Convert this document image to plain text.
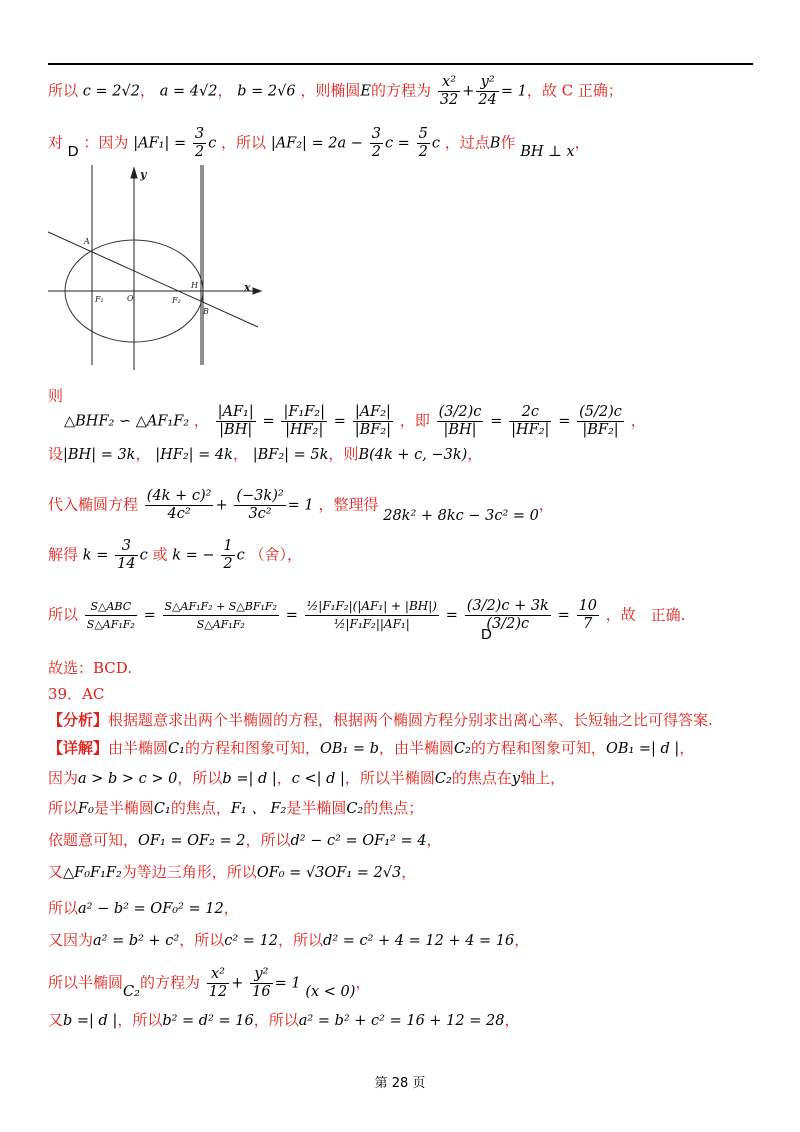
所以 c = 2√2， a = 4√2， b = 2√6 ，则椭圆E的方程为 $\frac{\text{x²}}{32} + \frac{\text{y²}}{24} = 1$，故 C 正确；
对 D ：因为 $|AF_1| = \frac{3}{2}$ c ，所以 $|AF_2| = 2a - \frac{3}{2}$ $c = \frac{5}{2}$ c ，过点B作 BH ⊥ x，
A
F₁	O	F₂
H
B
x
y
则
△BHF₂ ∽ △AF₁F₂ ， $\frac{\text{|AF₁|}}{|BH|} = \frac{\text{|F₁F₂|}}{\text{|HF₂|}} = \frac{\text{|AF₂|}}{\text{|BF₂|}}$ ，即 $\frac{(3/2)c}{|BH|} = \frac{2c}{\text{|HF₂|}} = \frac{(5/2)c}{\text{|BF₂|}}$ ，
设|BH| = 3k， |HF₂| = 4k， |BF₂| = 5k，则B(4k + c, −3k)，
代入椭圆方程 $\frac{\text{(4k + c)²}}{\text{4c²}} + \frac{\text{(−3k)²}}{\text{3c²}} = 1$ ，整理得 28k² + 8kc − 3c² = 0，
解得 $k = \frac{3}{14}$ c 或 k = − $\frac{1}{2}$ c （舍），
所以 $\frac{\text{S△ABC}}{\text{S△AF₁F₂}} = \frac{\text{S△AF₁F₂ + S△BF₁F₂}}{\text{S△AF₁F₂}} = \frac{\text{½|F₁F₂|(|AF₁| + |BH|)}}{\text{½|F₁F₂||AF₁|}} = \frac{(3/2)c + 3k}{(3/2)c} = \frac{10}{7}$ ，故 正确.
D
故选：BCD.
39．AC
【分析】根据题意求出两个半椭圆的方程，根据两个椭圆方程分别求出离心率、长短轴之比可得答案.
【详解】由半椭圆C₁的方程和图象可知，OB₁ = b，由半椭圆C₂的方程和图象可知，OB₁ =| d |，
因为a > b > c > 0，所以b =| d |，c <| d |，所以半椭圆C₂的焦点在y轴上，
所以F₀是半椭圆C₁的焦点，F₁ 、 F₂是半椭圆C₂的焦点；
依题意可知，OF₁ = OF₂ = 2，所以d² − c² = OF₁² = 4，
又△F₀F₁F₂为等边三角形，所以OF₀ = √3OF₁ = 2√3，
所以a² − b² = OF₀² = 12，
又因为a² = b² + c²，所以c² = 12，所以d² = c² + 4 = 12 + 4 = 16，
所以半椭圆C₂的方程为 $\frac{\text{x²}}{12} + \frac{\text{y²}}{16} = 1$ (x < 0)，
又b =| d |，所以b² = d² = 16，所以a² = b² + c² = 16 + 12 = 28，
第 28 页
